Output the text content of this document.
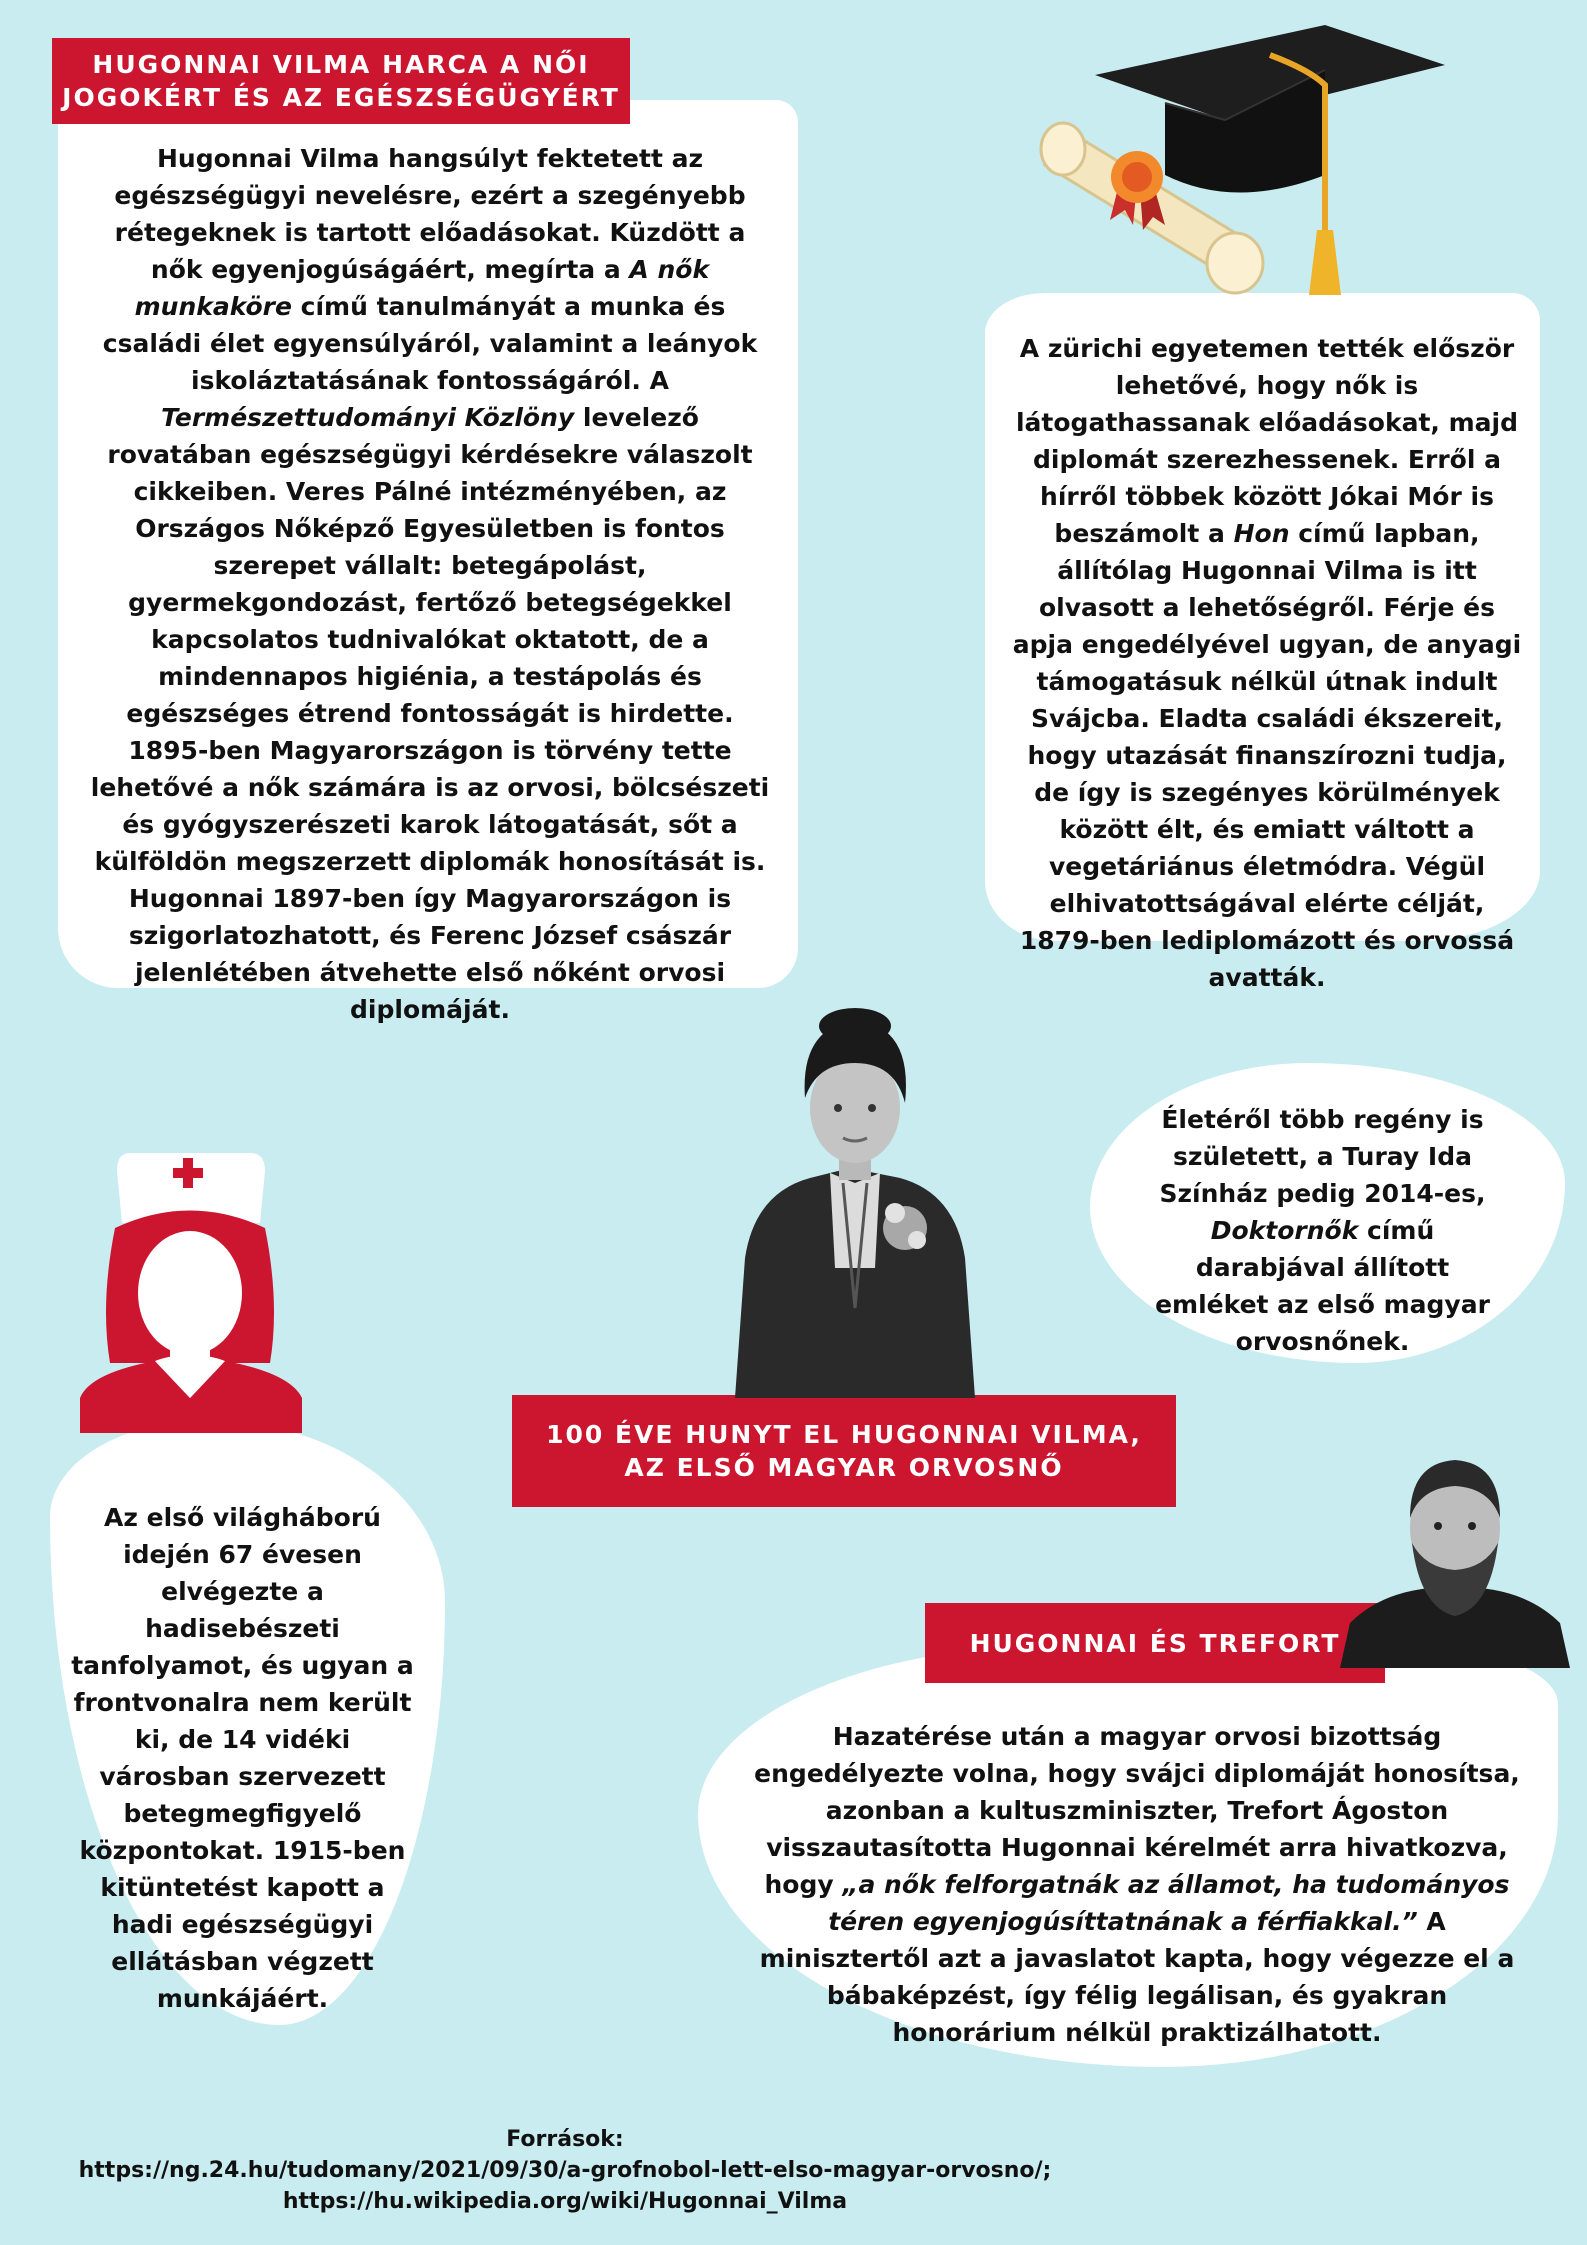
HUGONNAI VILMA HARCA A NŐI
JOGOKÉRT ÉS AZ EGÉSZSÉGÜGYÉRT
100 ÉVE HUNYT EL HUGONNAI VILMA,
AZ ELSŐ MAGYAR ORVOSNŐ
HUGONNAI ÉS TREFORT

Hugonnai Vilma hangsúlyt fektetett az egészségügyi nevelésre, ezért a szegényebb rétegeknek is tartott előadásokat. Küzdött a nők egyenjogúságáért, megírta a A nők munkaköre című tanulmányát a munka és családi élet egyensúlyáról, valamint a leányok iskoláztatásának fontosságáról. A Természettudományi Közlöny levelező rovatában egészségügyi kérdésekre válaszolt cikkeiben. Veres Pálné intézményében, az Országos Nőképző Egyesületben is fontos szerepet vállalt: betegápolást, gyermekgondozást, fertőző betegségekkel kapcsolatos tudnivalókat oktatott, de a mindennapos higiénia, a testápolás és egészséges étrend fontosságát is hirdette. 1895-ben Magyarországon is törvény tette lehetővé a nők számára is az orvosi, bölcsészeti és gyógyszerészeti karok látogatását, sőt a külföldön megszerzett diplomák honosítását is. Hugonnai 1897-ben így Magyarországon is szigorlatozhatott, és Ferenc József császár jelenlétében átvehette első nőként orvosi diplomáját.

A zürichi egyetemen tették először lehetővé, hogy nők is látogathassanak előadásokat, majd diplomát szerezhessenek. Erről a hírről többek között Jókai Mór is beszámolt a Hon című lapban, állítólag Hugonnai Vilma is itt olvasott a lehetőségről. Férje és apja engedélyével ugyan, de anyagi támogatásuk nélkül útnak indult Svájcba. Eladta családi ékszereit, hogy utazását finanszírozni tudja, de így is szegényes körülmények között élt, és emiatt váltott a vegetáriánus életmódra. Végül elhivatottságával elérte célját, 1879-ben lediplomázott és orvossá avatták.

Életéről több regény is született, a Turay Ida Színház pedig 2014-es, Doktornők című darabjával állított emléket az első magyar orvosnőnek.

Az első világháború idején 67 évesen elvégezte a hadisebészeti tanfolyamot, és ugyan a frontvonalra nem került ki, de 14 vidéki városban szervezett betegmegfigyelő központokat. 1915-ben kitüntetést kapott a hadi egészségügyi ellátásban végzett munkájáért.

Hazatérése után a magyar orvosi bizottság engedélyezte volna, hogy svájci diplomáját honosítsa, azonban a kultuszminiszter, Trefort Ágoston visszautasította Hugonnai kérelmét arra hivatkozva, hogy „a nők felforgatnák az államot, ha tudományos téren egyenjogúsíttatnának a férfiakkal.” A minisztertől azt a javaslatot kapta, hogy végezze el a bábaképzést, így félig legálisan, és gyakran honorárium nélkül praktizálhatott.

Források:

https://ng.24.hu/tudomany/2021/09/30/a-grofnobol-lett-elso-magyar-orvosno/;

https://hu.wikipedia.org/wiki/Hugonnai_Vilma
